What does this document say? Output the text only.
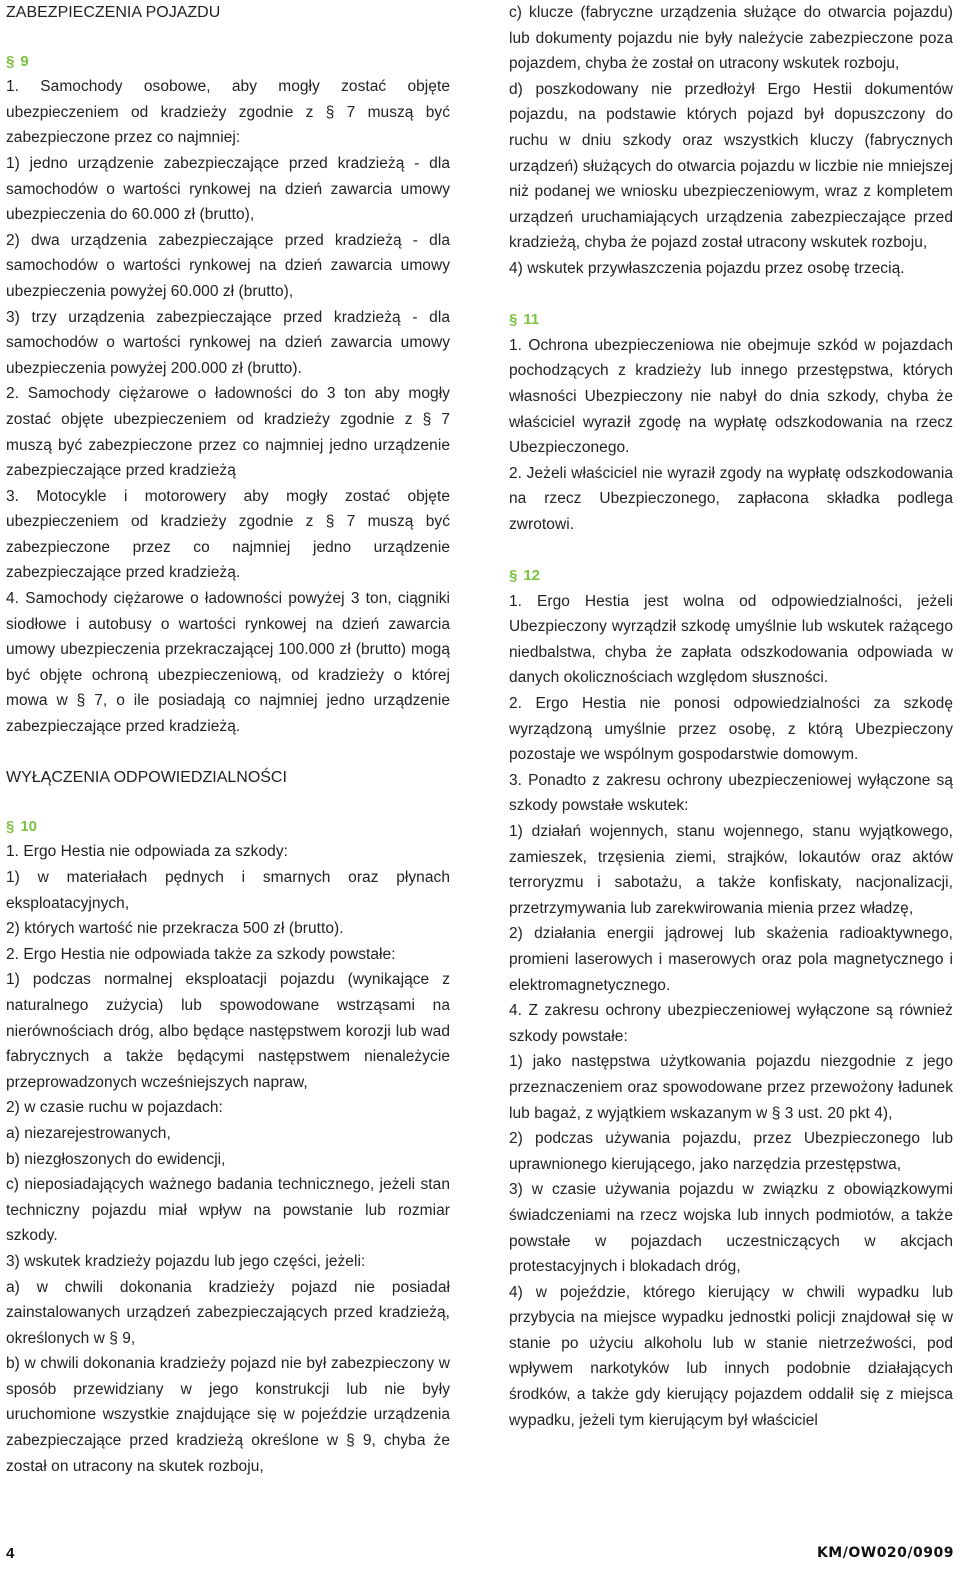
ZABEZPIECZENIA POJAZDU

§ 9

1. Samochody osobowe, aby mogły zostać objęte ubezpieczeniem od kradzieży zgodnie z § 7 muszą być zabezpieczone przez co najmniej:

1) jedno urządzenie zabezpieczające przed kradzieżą - dla samochodów o wartości rynkowej na dzień zawarcia umowy ubezpieczenia do 60.000 zł (brutto),

2) dwa urządzenia zabezpieczające przed kradzieżą - dla samochodów o wartości rynkowej na dzień zawarcia umowy ubezpieczenia powyżej 60.000 zł (brutto),

3) trzy urządzenia zabezpieczające przed kradzieżą - dla samochodów o wartości rynkowej na dzień zawarcia umowy ubezpieczenia powyżej 200.000 zł (brutto).

2. Samochody ciężarowe o ładowności do 3 ton aby mogły zostać objęte ubezpieczeniem od kradzieży zgodnie z § 7 muszą być zabezpieczone przez co najmniej jedno urządzenie zabezpieczające przed kradzieżą

3. Motocykle i motorowery aby mogły zostać objęte ubezpieczeniem od kradzieży zgodnie z § 7 muszą być zabezpieczone przez co najmniej jedno urządzenie zabezpieczające przed kradzieżą.

4. Samochody ciężarowe o ładowności powyżej 3 ton, ciągniki siodłowe i autobusy o wartości rynkowej na dzień zawarcia umowy ubezpieczenia przekraczającej 100.000 zł (brutto) mogą być objęte ochroną ubezpieczeniową, od kradzieży o której mowa w § 7, o ile posiadają co najmniej jedno urządzenie zabezpieczające przed kradzieżą.

WYŁĄCZENIA ODPOWIEDZIALNOŚCI

§ 10

1. Ergo Hestia nie odpowiada za szkody:

1) w materiałach pędnych i smarnych oraz płynach eksploatacyjnych,

2) których wartość nie przekracza 500 zł (brutto).

2. Ergo Hestia nie odpowiada także za szkody powstałe:

1) podczas normalnej eksploatacji pojazdu (wynikające z naturalnego zużycia) lub spowodowane wstrząsami na nierównościach dróg, albo będące następstwem korozji lub wad fabrycznych a także będącymi następstwem nienależycie przeprowadzonych wcześniejszych napraw,

2) w czasie ruchu w pojazdach:

a) niezarejestrowanych,

b) niezgłoszonych do ewidencji,

c) nieposiadających ważnego badania technicznego, jeżeli stan techniczny pojazdu miał wpływ na powstanie lub rozmiar szkody.

3) wskutek kradzieży pojazdu lub jego części, jeżeli:

a) w chwili dokonania kradzieży pojazd nie posiadał zainstalowanych urządzeń zabezpieczających przed kradzieżą, określonych w § 9,

b) w chwili dokonania kradzieży pojazd nie był zabezpieczony w sposób przewidziany w jego konstrukcji lub nie były uruchomione wszystkie znajdujące się w pojeździe urządzenia zabezpieczające przed kradzieżą określone w § 9, chyba że został on utracony na skutek rozboju,

c) klucze (fabryczne urządzenia służące do otwarcia pojazdu) lub dokumenty pojazdu nie były należycie zabezpieczone poza pojazdem, chyba że został on utracony wskutek rozboju,

d) poszkodowany nie przedłożył Ergo Hestii dokumentów pojazdu, na podstawie których pojazd był dopuszczony do ruchu w dniu szkody oraz wszystkich kluczy (fabrycznych urządzeń) służących do otwarcia pojazdu w liczbie nie mniejszej niż podanej we wniosku ubezpieczeniowym, wraz z kompletem urządzeń uruchamiających urządzenia zabezpieczające przed kradzieżą, chyba że pojazd został utracony wskutek rozboju,

4) wskutek przywłaszczenia pojazdu przez osobę trzecią.

§ 11

1. Ochrona ubezpieczeniowa nie obejmuje szkód w pojazdach pochodzących z kradzieży lub innego przestępstwa, których własności Ubezpieczony nie nabył do dnia szkody, chyba że właściciel wyraził zgodę na wypłatę odszkodowania na rzecz Ubezpieczonego.

2. Jeżeli właściciel nie wyraził zgody na wypłatę odszkodowania na rzecz Ubezpieczonego, zapłacona składka podlega zwrotowi.

§ 12

1. Ergo Hestia jest wolna od odpowiedzialności, jeżeli Ubezpieczony wyrządził szkodę umyślnie lub wskutek rażącego niedbalstwa, chyba że zapłata odszkodowania odpowiada w danych okolicznościach względom słuszności.

2. Ergo Hestia nie ponosi odpowiedzialności za szkodę wyrządzoną umyślnie przez osobę, z którą Ubezpieczony pozostaje we wspólnym gospodarstwie domowym.

3. Ponadto z zakresu ochrony ubezpieczeniowej wyłączone są szkody powstałe wskutek:

1) działań wojennych, stanu wojennego, stanu wyjątkowego, zamieszek, trzęsienia ziemi, strajków, lokautów oraz aktów terroryzmu i sabotażu, a także konfiskaty, nacjonalizacji, przetrzymywania lub zarekwirowania mienia przez władzę,

2) działania energii jądrowej lub skażenia radioaktywnego, promieni laserowych i maserowych oraz pola magnetycznego i elektromagnetycznego.

4. Z zakresu ochrony ubezpieczeniowej wyłączone są również szkody powstałe:

1) jako następstwa użytkowania pojazdu niezgodnie z jego przeznaczeniem oraz spowodowane przez przewożony ładunek lub bagaż, z wyjątkiem wskazanym w § 3 ust. 20 pkt 4),

2) podczas używania pojazdu, przez Ubezpieczonego lub uprawnionego kierującego, jako narzędzia przestępstwa,

3) w czasie używania pojazdu w związku z obowiązkowymi świadczeniami na rzecz wojska lub innych podmiotów, a także powstałe w pojazdach uczestniczących w akcjach protestacyjnych i blokadach dróg,

4) w pojeździe, którego kierujący w chwili wypadku lub przybycia na miejsce wypadku jednostki policji znajdował się w stanie po użyciu alkoholu lub w stanie nietrzeźwości, pod wpływem narkotyków lub innych podobnie działających środków, a także gdy kierujący pojazdem oddalił się z miejsca wypadku, jeżeli tym kierującym był właściciel

4	KM/OW020/0909
